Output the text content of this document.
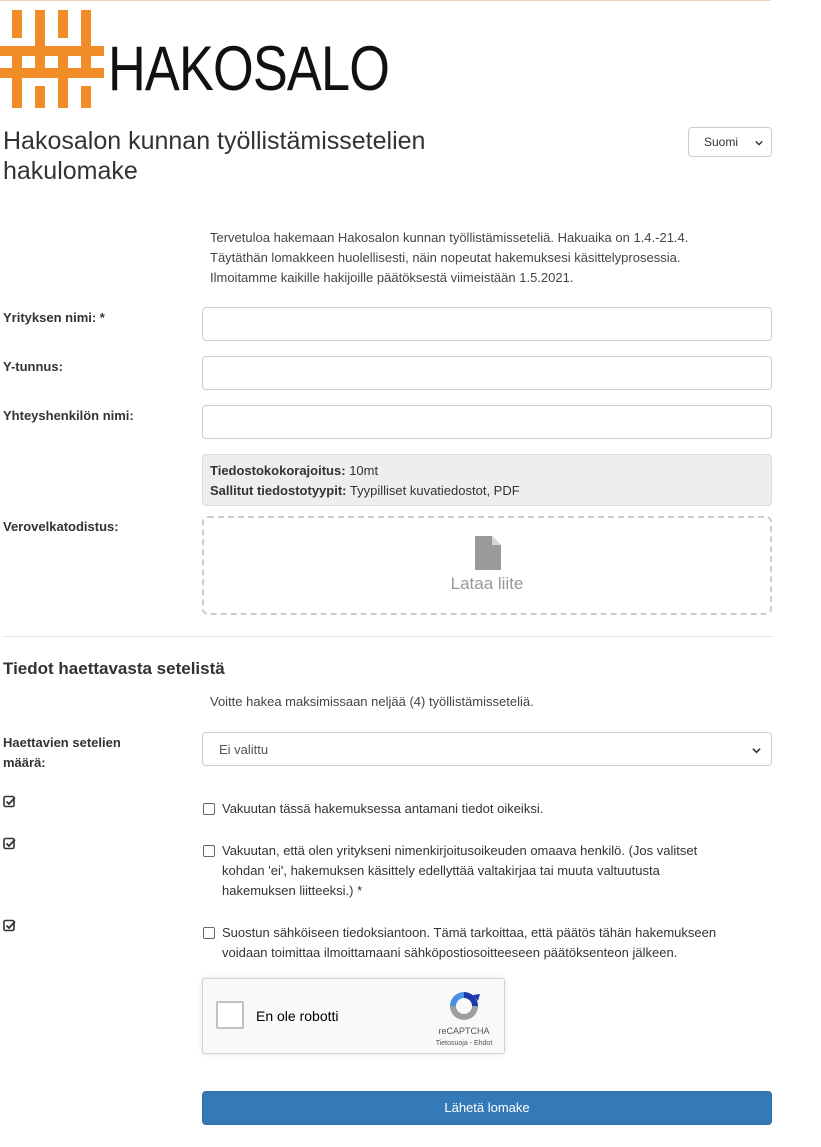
HAKOSALO
Hakosalon kunnan työllistämissetelien hakulomake
Suomi
Tervetuloa hakemaan Hakosalon kunnan työllistämisseteliä. Hakuaika on 1.4.-21.4.
Täytäthän lomakkeen huolellisesti, näin nopeutat hakemuksesi käsittelyprosessia.
Ilmoitamme kaikille hakijoille päätöksestä viimeistään 1.5.2021.
Yrityksen nimi: *
Y-tunnus:
Yhteyshenkilön nimi:
Tiedostokokorajoitus: 10mt
Sallitut tiedostotyypit: Tyypilliset kuvatiedostot, PDF
Verovelkatodistus:
Lataa liite
Tiedot haettavasta setelistä
Voitte hakea maksimissaan neljää (4) työllistämisseteliä.
Haettavien setelien
määrä:
Ei valittu
Vakuutan tässä hakemuksessa antamani tiedot oikeiksi.
Vakuutan, että olen yritykseni nimenkirjoitusoikeuden omaava henkilö. (Jos valitset
kohdan 'ei', hakemuksen käsittely edellyttää valtakirjaa tai muuta valtuutusta
hakemuksen liitteeksi.) *
Suostun sähköiseen tiedoksiantoon. Tämä tarkoittaa, että päätös tähän hakemukseen
voidaan toimittaa ilmoittamaani sähköpostiosoitteeseen päätöksenteon jälkeen.
En ole robotti
reCAPTCHA
Tietosuoja - Ehdot
Lähetä lomake
